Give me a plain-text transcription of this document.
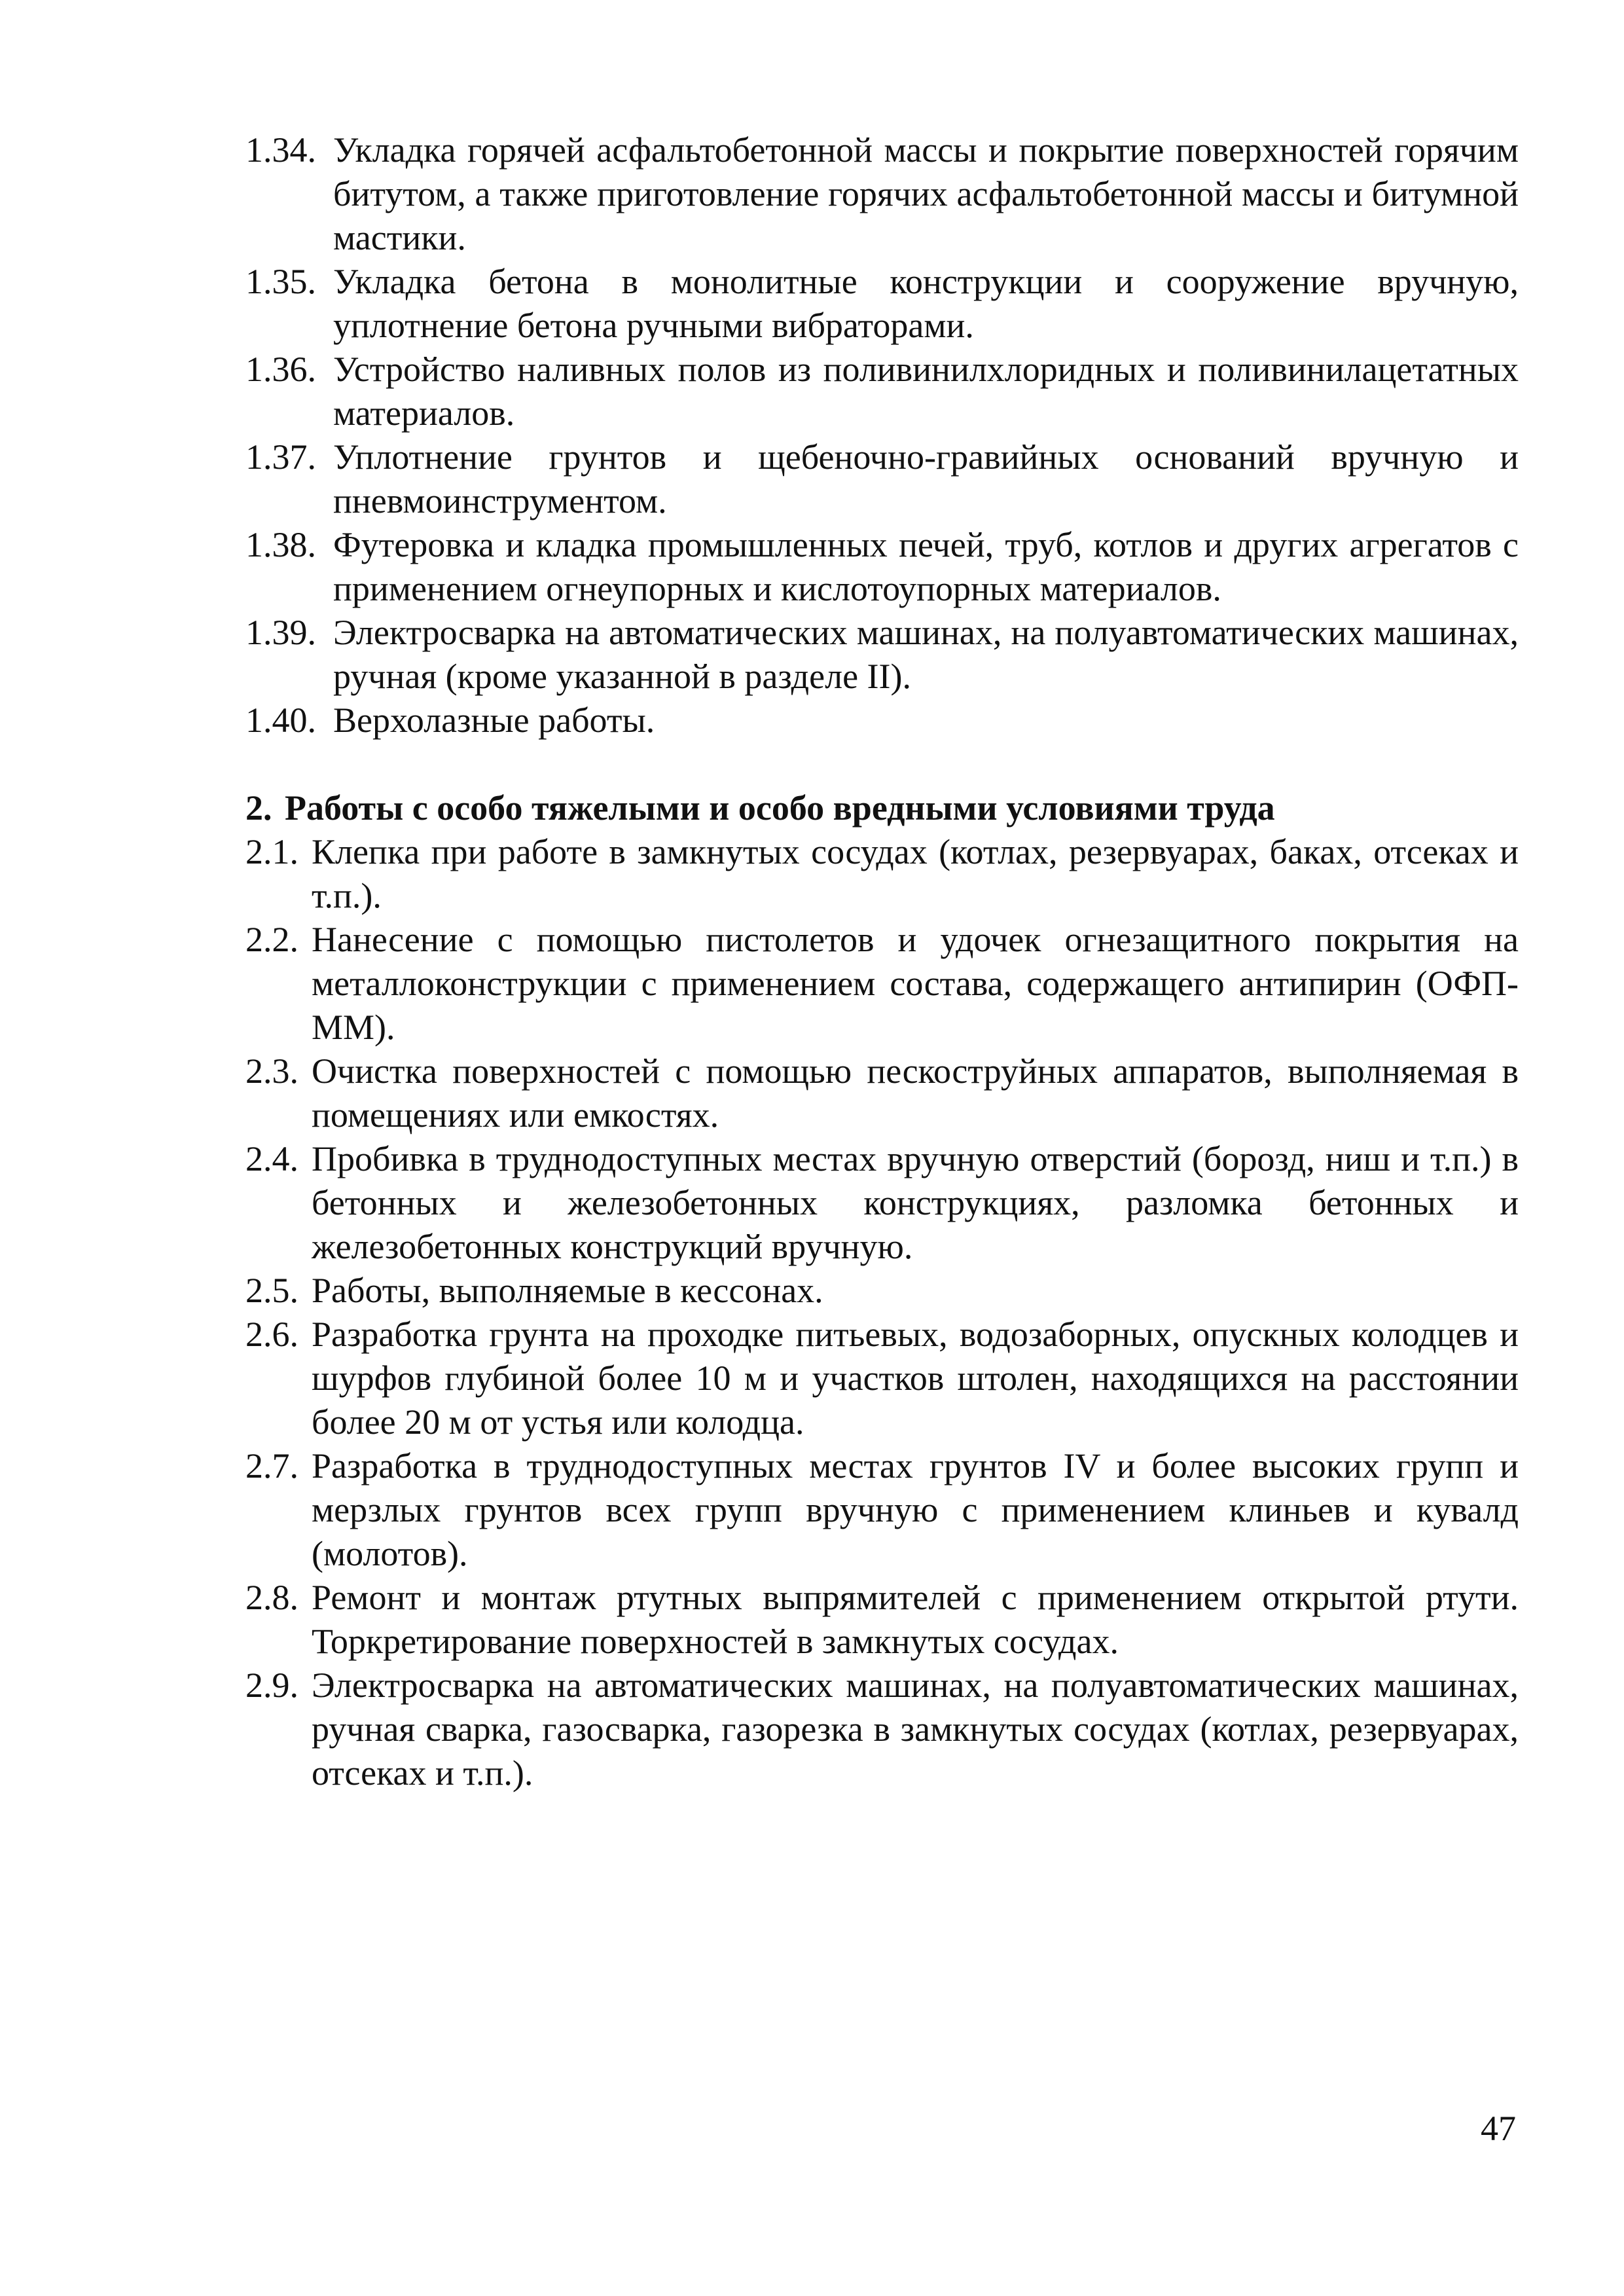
1.34. Укладка горячей асфальтобетонной массы и покрытие поверхностей горячим битутом, а также приготовление горячих асфальтобетонной массы и битумной мастики.
1.35. Укладка бетона в монолитные конструкции и сооружение вручную, уплотнение бетона ручными вибраторами.
1.36. Устройство наливных полов из поливинилхлоридных и поливинилацетатных материалов.
1.37. Уплотнение грунтов и щебеночно-гравийных оснований вручную и пневмоинструментом.
1.38. Футеровка и кладка промышленных печей, труб, котлов и других агрегатов с применением огнеупорных и кислотоупорных материалов.
1.39. Электросварка на автоматических машинах, на полуавтоматических машинах, ручная (кроме указанной в разделе II).
1.40. Верхолазные работы.
2. Работы с особо тяжелыми и особо вредными условиями труда
2.1. Клепка при работе в замкнутых сосудах (котлах, резервуарах, баках, отсеках и т.п.).
2.2. Нанесение с помощью пистолетов и удочек огнезащитного покрытия на металлоконструкции с применением состава, содержащего антипирин (ОФП-ММ).
2.3. Очистка поверхностей с помощью пескоструйных аппаратов, выполняемая в помещениях или емкостях.
2.4. Пробивка в труднодоступных местах вручную отверстий (борозд, ниш и т.п.) в бетонных и железобетонных конструкциях, разломка бетонных и железобетонных конструкций вручную.
2.5. Работы, выполняемые в кессонах.
2.6. Разработка грунта на проходке питьевых, водозаборных, опускных колодцев и шурфов глубиной более 10 м и участков штолен, находящихся на расстоянии более 20 м от устья или колодца.
2.7. Разработка в труднодоступных местах грунтов IV и более высоких групп и мерзлых грунтов всех групп вручную с применением клиньев и кувалд (молотов).
2.8. Ремонт и монтаж ртутных выпрямителей с применением открытой ртути. Торкретирование поверхностей в замкнутых сосудах.
2.9. Электросварка на автоматических машинах, на полуавтоматических машинах, ручная сварка, газосварка, газорезка в замкнутых сосудах (котлах, резервуарах, отсеках и т.п.).
47
